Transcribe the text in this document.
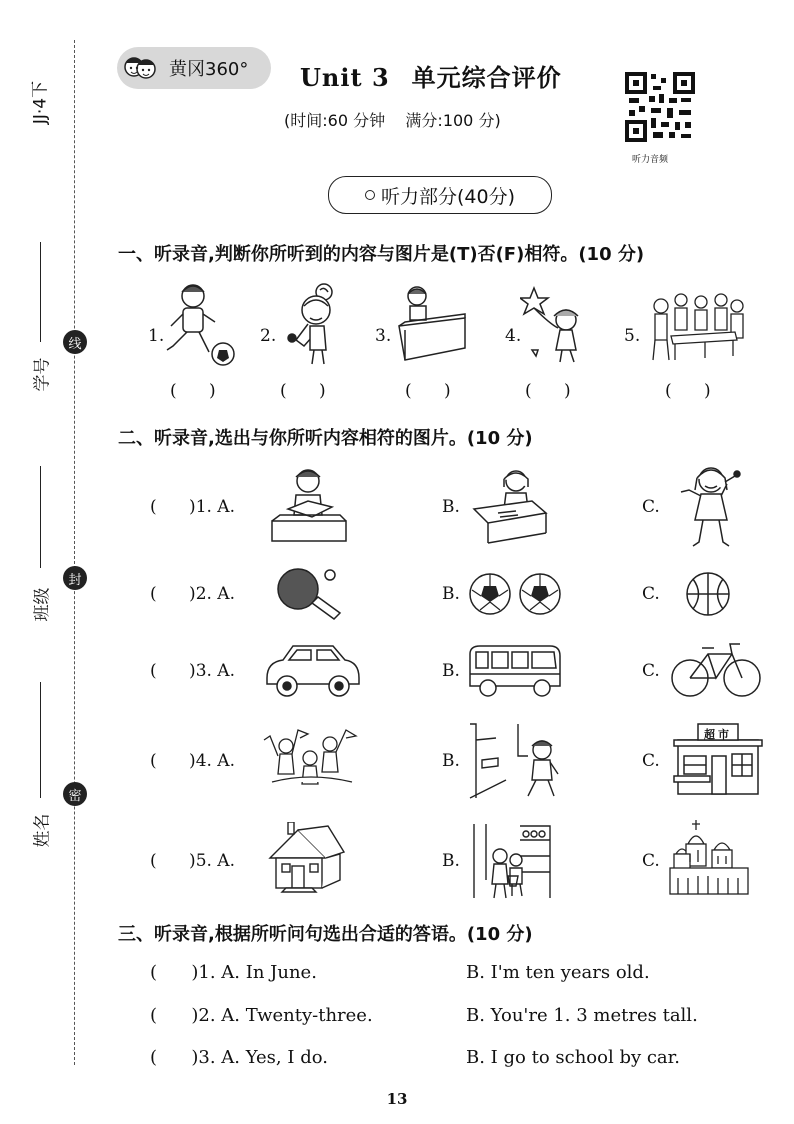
JJ·4下
学号
班级
姓名
线
封
密
黄冈360° Unit 3 单元综合评价
(时间:60 分钟    满分:100 分)
听力音频
听力部分(40分)
一、听录音,判断你所听到的内容与图片是(T)否(F)相符。(10 分)
1.	2.	3.	4.	5.
(      )	(      )	(      )	(      )	(      )
二、听录音,选出与你所听内容相符的图片。(10 分)
(      )1. A.	B.	C.
(      )2. A.	B.	C.
(      )3. A.	B.	C.
(      )4. A.	B.	C.
超市
(      )5. A.	B.	C.
三、听录音,根据所听问句选出合适的答语。(10 分)
(      )1. A. In June.	B. I'm ten years old.
(      )2. A. Twenty-three.	B. You're 1. 3 metres tall.
(      )3. A. Yes, I do.	B. I go to school by car.
13
